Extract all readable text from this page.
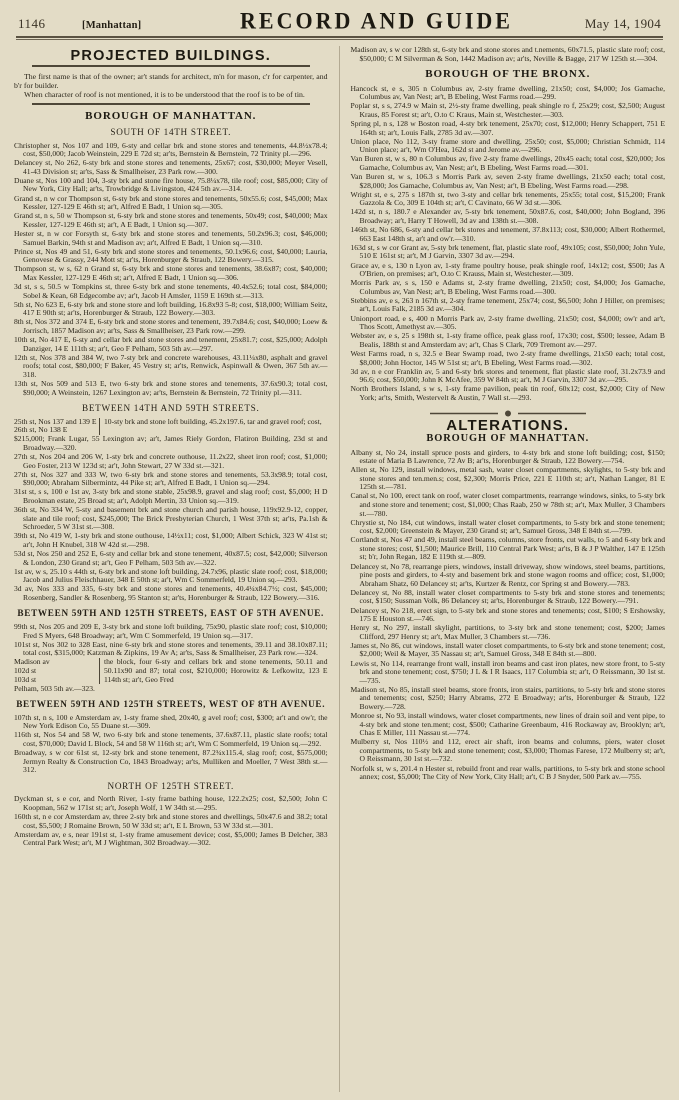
1146	[Manhattan]	RECORD AND GUIDE	May 14, 1904
PROJECTED BUILDINGS.

The first name is that of the owner; ar't stands for architect, m'n for mason, c'r for carpenter, and b'r for builder.

When character of roof is not mentioned, it is to be understood that the roof is to be of tin.

BOROUGH OF MANHATTAN.
SOUTH OF 14TH STREET.
Christopher st, Nos 107 and 109, 6-sty and cellar brk and stone stores and tenements, 44.8½x78.4; cost, $50,000; Jacob Weinstein, 229 E 72d st; ar'ts, Bernstein & Bernstein, 72 Trinity pl.—296.
Delancey st, No 262, 6-sty brk and stone stores and tenements, 25x67; cost, $30,000; Meyer Vesell, 41-43 Division st; ar'ts, Sass & Smallheiser, 23 Park row.—300.
Duane st, Nos 100 and 104, 3-sty brk and stone fire house, 75.8¼x78, tile roof; cost, $85,000; City of New York, City Hall; ar'ts, Trowbridge & Livingston, 424 5th av.—314.
Grand st, n w cor Thompson st, 6-sty brk and stone stores and tenements, 50x55.6; cost, $45,000; Max Kessler, 127-129 E 46th st; ar't, Alfred E Badt, 1 Union sq.—305.
Grand st, n s, 50 w Thompson st, 6-sty brk and stone stores and tenements, 50x49; cost, $40,000; Max Kessler, 127-129 E 46th st; ar't, A E Badt, 1 Union sq.—307.
Hester st, n w cor Forsyth st, 6-sty brk and stone stores and tenements, 50.2x96.3; cost, $46,000; Samuel Barkin, 94th st and Madison av; ar't, Alfred E Badt, 1 Union sq.—310.
Prince st, Nos 49 and 51, 6-sty brk and stone stores and tenements, 50.1x96.6; cost, $40,000; Lauria, Genovese & Grassy, 244 Mott st; ar'ts, Horenburger & Straub, 122 Bowery.—315.
Thompson st, w s, 62 n Grand st, 6-sty brk and stone stores and tenements, 38.6x87; cost, $40,000; Max Kessler, 127-129 E 46th st; ar't, Alfred E Badt, 1 Union sq.—306.
3d st, s s, 50.5 w Tompkins st, three 6-sty brk and stone tenements, 40.4x52.6; total cost, $84,000; Sobel & Kean, 68 Edgecombe av; ar't, Jacob H Amsler, 1159 E 169th st.—313.
5th st, No 623 E, 6-sty brk and stone store and loft building, 16.8x93 5-8; cost, $18,000; William Seitz, 417 E 90th st; ar'ts, Horenburger & Straub, 122 Bowery.—303.
8th st, Nos 372 and 374 E, 6-sty brk and stone stores and tenement, 39.7x84.6; cost, $40,000; Loew & Jorrisch, 1857 Madison av; ar'ts, Sass & Smallheiser, 23 Park row.—299.
10th st, No 417 E, 6-sty and cellar brk and stone stores and tenement, 25x81.7; cost, $25,000; Adolph Danziger, 14 E 111th st; ar't, Geo F Pelham, 503 5th av.—297.
12th st, Nos 378 and 384 W, two 7-sty brk and concrete warehouses, 43.11¼x80, asphalt and gravel roofs; total cost, $80,000; F Baker, 45 Vestry st; ar'ts, Renwick, Aspinwall & Owen, 367 5th av.—318.
13th st, Nos 509 and 513 E, two 6-sty brk and stone stores and tenements, 37.6x90.3; total cost, $90,000; A Weinstein, 1267 Lexington av; ar'ts, Bernstein & Bernstein, 72 Trinity pl.—311.
BETWEEN 14TH AND 59TH STREETS.
25th st, Nos 137 and 139 E
26th st, No 138 E
10-sty brk and stone loft building, 45.2x197.6, tar and gravel roof; cost,
$215,000; Frank Lugar, 55 Lexington av; ar't, James Riely Gordon, Flatiron Building, 23d st and Broadway.—320.
27th st, Nos 204 and 206 W, 1-sty brk and concrete outhouse, 11.2x22, sheet iron roof; cost, $1,000; Geo Foster, 213 W 123d st; ar't, John Stewart, 27 W 33d st.—321.
27th st, Nos 327 and 333 W, two 6-sty brk and stone stores and tenements, 53.3x98.9; total cost, $90,000; Abraham Silbermintz, 44 Pike st; ar't, Alfred E Badt, 1 Union sq.—294.
31st st, s s, 100 e 1st av, 3-sty brk and stone stable, 25x98.9, gravel and slag roof; cost, $5,000; H D Brookman estate, 25 Broad st; ar't, Adolph Mertin, 33 Union sq.—319.
36th st, No 334 W, 5-sty and basement brk and stone church and parish house, 119x92.9-12, copper, slate and tile roof; cost, $245,000; The Brick Presbyterian Church, 1 West 37th st; ar'ts, Pa.1sh & Schroeder, 5 W 31st st.—308.
39th st, No 419 W, 1-sty brk and stone outhouse, 14½x11; cost, $1,000; Albert Schick, 323 W 41st st; ar't, John H Knubel, 318 W 42d st.—298.
53d st, Nos 250 and 252 E, 6-sty and cellar brk and stone tenement, 40x87.5; cost, $42,000; Silverson & London, 230 Grand st; ar't, Geo F Pelham, 503 5th av.—322.
1st av, w s, 25.10 s 44th st, 6-sty brk and stone loft building, 24.7x96, plastic slate roof; cost, $18,000; Jacob and Julius Fleischhauer, 348 E 50th st; ar't, Wm C Sommerfeld, 19 Union sq.—293.
3d av, Nos 333 and 335, 6-sty brk and stone stores and tenements, 40.4¼x84.7½; cost, $45,000; Rosenberg, Sandler & Rosenberg, 95 Stanton st; ar'ts, Horenburger & Straub, 122 Bowery.—316.
BETWEEN 59TH AND 125TH STREETS, EAST OF 5TH AVENUE.
99th st, Nos 205 and 209 E, 3-sty brk and stone loft building, 75x90, plastic slate roof; cost, $10,000; Fred S Myers, 648 Broadway; ar't, Wm C Sommerfeld, 19 Union sq.—317.
101st st, Nos 302 to 328 East, nine 6-sty brk and stone stores and tenements, 39.11 and 38.10x87.11; total cost, $315,000; Katzman & Zipkins, 19 Av A; ar'ts, Sass & Smallheiser, 23 Park row.—324.
Madison av
102d st
103d st
the block, four 6-sty and cellars brk and stone tenements, 50.11 and 50.11x90 and 87; total cost, $210,000; Horowitz & Lefkowitz, 123 E 114th st; ar't, Geo Fred
Pelham, 503 5th av.—323.
BETWEEN 59TH AND 125TH STREETS, WEST OF 8TH AVENUE.
107th st, n s, 100 e Amsterdam av, 1-sty frame shed, 20x40, g avel roof; cost, $300; ar't and ow'r, the New York Edison Co, 55 Duane st.—309.
116th st, Nos 54 and 58 W, two 6-sty brk and stone tenements, 37.6x87.11, plastic slate roofs; total cost, $70,000; David L Block, 54 and 58 W 116th st; ar't, Wm C Sommerfeld, 19 Union sq.—292.
Broadway, s w cor 61st st, 12-sty brk and stone tenement, 87.2¾x115.4, slag roof; cost, $575,000; Jermyn Realty & Construction Co, 1843 Broadway; ar'ts, Mulliken and Moeller, 7 West 38th st.—312.
NORTH OF 125TH STREET.
Dyckman st, s e cor, and North River, 1-sty frame bathing house, 122.2x25; cost, $2,500; John C Koopman, 562 w 171st st; ar't, Joseph Wolf, 1 W 34th st.—295.
160th st, n e cor Amsterdam av, three 2-sty brk and stone stores and dwellings, 50x47.6 and 38.2; total cost, $5,500; J Romaine Brown, 50 W 33d st; ar't, E L Brown, 53 W 33d st.—301.
Amsterdam av, e s, near 191st st, 1-sty frame amusement device; cost, $5,000; James B Delcher, 383 Central Park West; ar't, M J Wightman, 302 Broadway.—302.
Madison av, s w cor 128th st, 6-sty brk and stone stores and t.nements, 60x71.5, plastic slate roof; cost, $50,000; C M Silverman & Son, 1442 Madison av; ar'ts, Neville & Bagge, 217 W 125th st.—304.
BOROUGH OF THE BRONX.
Hancock st, e s, 305 n Columbus av, 2-sty frame dwelling, 21x50; cost, $4,000; Jos Gamache, Columbus av, Van Nest; ar't, B Ebeling, West Farms road.—299.
Poplar st, s s, 274.9 w Main st, 2½-sty frame dwelling, peak shingle ro f, 25x29; cost, $2,500; August Kraus, 85 Forest st; ar't, O.to C Kraus, Main st, Westchester.—303.
Spring pl, n s, 128 w Boston road, 4-sty brk tenement, 25x70; cost, $12,000; Henry Schappert, 751 E 164th st; ar't, Louis Falk, 2785 3d av.—307.
Union place, No 112, 3-sty frame store and dwelling, 25x50; cost, $5,000; Christian Schmidt, 114 Union place; ar't, Wm O'Hea, 162d st and Jerome av.—296.
Van Buren st, w s, 80 n Columbus av, five 2-sty frame dwellings, 20x45 each; total cost, $20,000; Jos Gamache, Columbus av, Van Nest; ar't, B Ebeling, West Farms road.—301.
Van Buren st, w s, 106.3 s Morris Park av, seven 2-sty frame dwellings, 21x50 each; total cost, $28,000; Jos Gamache, Columbus av, Van Nest; ar't, B Ebeling, West Farms road.—298.
Wright st, e s, 275 s 187th st, two 3-sty and cellar brk tenements, 25x55; total cost, $15,200; Frank Gazzola & Co, 309 E 104th st; ar't, C Cavinato, 66 W 3d st.—306.
142d st, n s, 180.7 e Alexander av, 5-sty brk tenement, 50x87.6, cost, $40,000; John Bogland, 396 Broadway; ar't, Harry T Howell, 3d av and 138th st.—308.
146th st, No 686, 6-sty and cellar brk stores and tenement, 37.8x113; cost, $30,000; Albert Rothermel, 663 East 148th st, ar't and ow'r.—310.
163d st, s w cor Grant av, 5-sty brk tenement, flat, plastic slate roof, 49x105; cost, $50,000; John Yule, 510 E 161st st; ar't, M J Garvin, 3307 3d av.—294.
Grace av, e s, 130 n Lyon av, 1-sty frame poultry house, peak shingle roof, 14x12; cost, $500; Jas A O'Brien, on premises; ar't, O.to C Krauss, Main st, Westchester.—309.
Morris Park av, s s, 150 e Adams st, 2-sty frame dwelling, 21x50; cost, $4,000; Jos Gamache, Columbus av, Van Nest; ar't, B Ebeling, West Farms road.—300.
Stebbins av, e s, 263 n 167th st, 2-sty frame tenement, 25x74; cost, $6,500; John J Hiller, on premises; ar't, Louis Falk, 2185 3d av.—304.
Unionport road, e s, 400 n Morris Park av, 2-sty frame dwelling, 21x50; cost, $4,000; ow'r and ar't, Thos Scott, Amethyst av.—305.
Webster av, e s, 25 s 198th st, 1-sty frame office, peak glass roof, 17x30; cost, $500; lessee, Adam B Bealis, 188th st and Amsterdam av; ar't, Chas S Clark, 709 Tremont av.—297.
West Farms road, n s, 32.5 e Bear Swamp road, two 2-sty frame dwellings, 21x50 each; total cost, $8,000; John Hoctor, 145 W 51st st; ar't, B Ebeling, West Farms road.—302.
3d av, n e cor Franklin av, 5 and 6-sty brk stores and tenement, flat plastic slate roof, 31.2x73.9 and 96.6; cost, $50,000; John K McAfee, 359 W 84th st; ar't, M J Garvin, 3307 3d av.—295.
North Brothers Island, s w s, 1-sty frame pavilion, peak tin roof, 60x12; cost, $2,000; City of New York; ar'ts, Smith, Westervelt & Austin, 7 Wall st.—293.
ALTERATIONS.
BOROUGH OF MANHATTAN.
Albany st, No 24, install spruce posts and girders, to 4-sty brk and stone loft building; cost, $150; estate of Maria B Lawrence, 72 Av B; ar'ts, Horenburger & Straub, 122 Bowery.—754.
Allen st, No 129, install windows, metal sash, water closet compartments, skylights, to 5-sty brk and stone stores and ten.men.s; cost, $2,300; Morris Price, 221 E 110th st; ar't, Nathan Langer, 81 E 125th st.—781.
Canal st, No 100, erect tank on roof, water closet compartments, rearrange windows, sinks, to 5-sty brk and stone store and tenement; cost, $1,000; Chas Raab, 250 w 78th st; ar't, Max Muller, 3 Chambers st.—780.
Chrystie st, No 184, cut windows, install water closet compartments, to 5-sty brk and stone tenement; cost, $2,000; Greenstein & Mayer, 230 Grand st; ar't, Samuel Gross, 348 E 84th st.—799.
Cortlandt st, Nos 47 and 49, install steel beams, columns, store fronts, cut walls, to 5 and 6-sty brk and stone stores; cost, $1,500; Maurice Brill, 110 Central Park West; ar'ts, B & J P Walther, 147 E 125th st; b'r, John Regan, 182 E 119th st.—809.
Delancey st, No 78, rearrange piers, windows, install driveway, show windows, steel beams, partitions, pine posts and girders, to 4-sty and basement brk and stone wagon rooms and office; cost, $1,000; Abraham Shatz, 60 Delancey st; ar'ts, Kurtzer & Rentz, cor Spring st and Bowery.—783.
Delancey st, No 88, install water closet compartments to 5-sty brk and stone stores and tenements; cost, $150; Sussman Volk, 86 Delancey st; ar'ts, Horenburger & Straub, 122 Bowery.—791.
Delancey st, No 218, erect sign, to 5-sty brk and stone stores and tenements; cost, $100; S Ershowsky, 175 E Houston st.—746.
Henry st, No 297, install skylight, partitions, to 3-sty brk and stone tenement; cost, $200; James Clifford, 297 Henry st; ar't, Max Muller, 3 Chambers st.—736.
James st, No 86, cut windows, install water closet compartments, to 6-sty brk and stone tenement; cost, $2,000; Weil & Mayer, 35 Nassau st; ar't, Samuel Gross, 348 E 84th st.—800.
Lewis st, No 114, rearrange front wall, install iron beams and cast iron plates, new store front, to 5-sty brk and stone tenement; cost, $750; J L & I R Isaacs, 117 Columbia st; ar't, O Reissmann, 30 1st st.—735.
Madison st, No 85, install steel beams, store fronts, iron stairs, partitions, to 5-sty brk and stone stores and tenements; cost, $250; Harry Abrams, 272 E Broadway; ar'ts, Horenburger & Straub, 122 Bowery.—728.
Monroe st, No 93, install windows, water closet compartments, new lines of drain soil and vent pipe, to 4-sty brk and stone ten.ment; cost, $500; Catharine Greenbaum, 416 Rockaway av, Brooklyn; ar't, Chas E Miller, 111 Nassau st.—774.
Mulberry st, Nos 110½ and 112, erect air shaft, iron beams and columns, piers, water closet compartments, to 5-sty brk and stone tenement; cost, $3,000; Thomas Farese, 172 Mulberry st; ar't, O Reissmann, 30 1st st.—732.
Norfolk st, w s, 201.4 n Hester st, rebuild front and rear walls, partitions, to 5-sty brk and stone school annex; cost, $5,000; The City of New York, City Hall; ar't, C B J Snyder, 500 Park av.—755.
